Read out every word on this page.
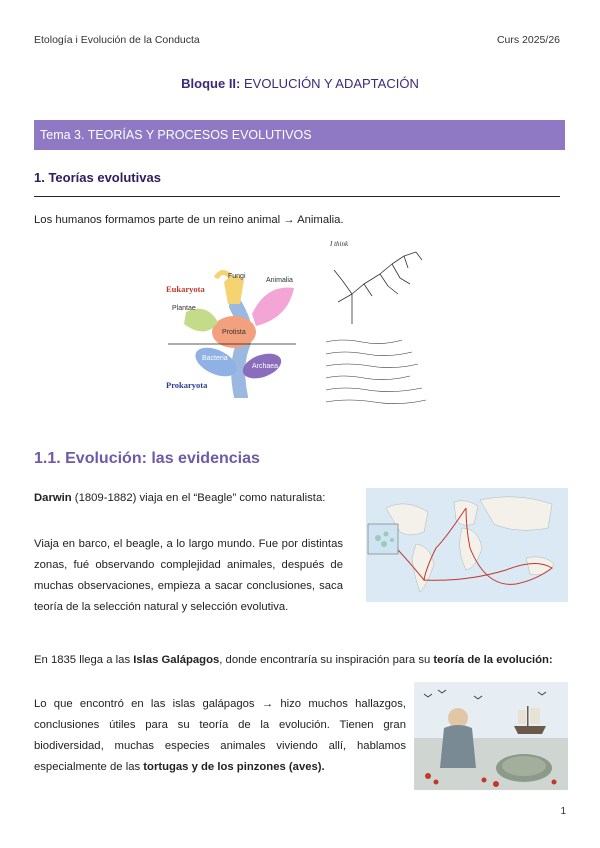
Etología i Evolución de la Conducta	Curs 2025/26
Bloque II: EVOLUCIÓN Y ADAPTACIÓN
Tema 3. TEORÍAS Y PROCESOS EVOLUTIVOS
1. Teorías evolutivas
Los humanos formamos parte de un reino animal → Animalia.
Eukaryota
Prokaryota
Fungi
Animalia
Plantae
Protista
Bacteria
Archaea
I think
1.1. Evolución: las evidencias
Darwin (1809-1882) viaja en el “Beagle” como naturalista:
Viaja en barco, el beagle, a lo largo mundo. Fue por distintas zonas, fué observando complejidad animales, después de muchas observaciones, empieza a sacar conclusiones, saca teoría de la selección natural y selección evolutiva.
En 1835 llega a las Islas Galápagos, donde encontraría su inspiración para su teoría de la evolución:
Lo que encontró en las islas galápagos → hizo muchos hallazgos, conclusiones útiles para su teoría de la evolución. Tienen gran biodiversidad, muchas especies animales viviendo allí, hablamos especialmente de las tortugas y de los pinzones (aves).
1
